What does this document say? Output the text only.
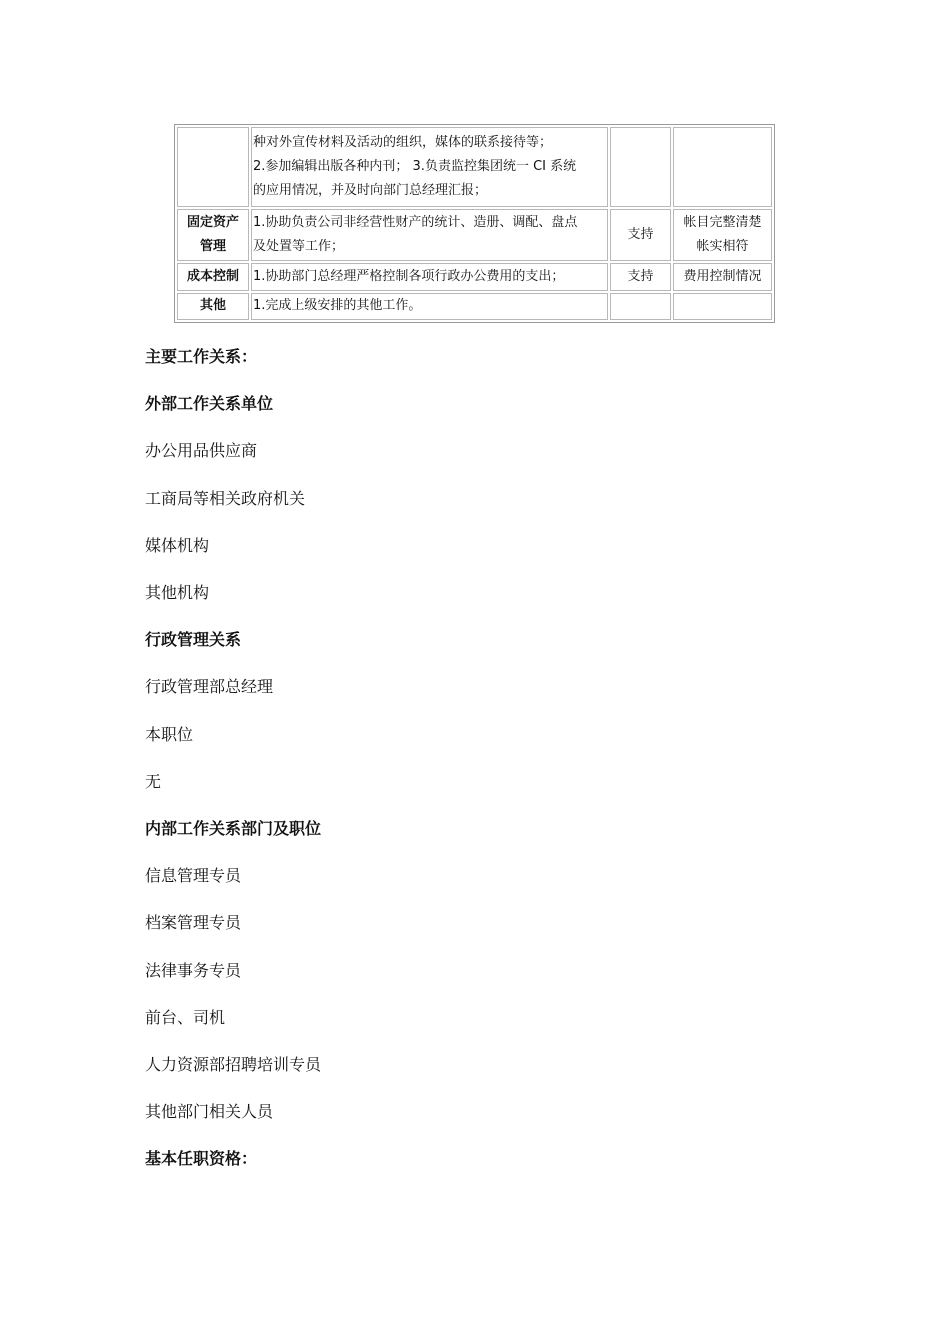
	种对外宣传材料及活动的组织，媒体的联系接待等；
2.参加编辑出版各种内刊； 3.负责监控集团统一 CI 系统
的应用情况，并及时向部门总经理汇报；		

固定资产
管理	1.协助负责公司非经营性财产的统计、造册、调配、盘点
及处置等工作；	支持	帐目完整清楚
帐实相符

成本控制	1.协助部门总经理严格控制各项行政办公费用的支出；	支持	费用控制情况

其他	1.完成上级安排的其他工作。		

主要工作关系：
外部工作关系单位
办公用品供应商
工商局等相关政府机关
媒体机构
其他机构
行政管理关系
行政管理部总经理
本职位
无
内部工作关系部门及职位
信息管理专员
档案管理专员
法律事务专员
前台、司机
人力资源部招聘培训专员
其他部门相关人员
基本任职资格：
